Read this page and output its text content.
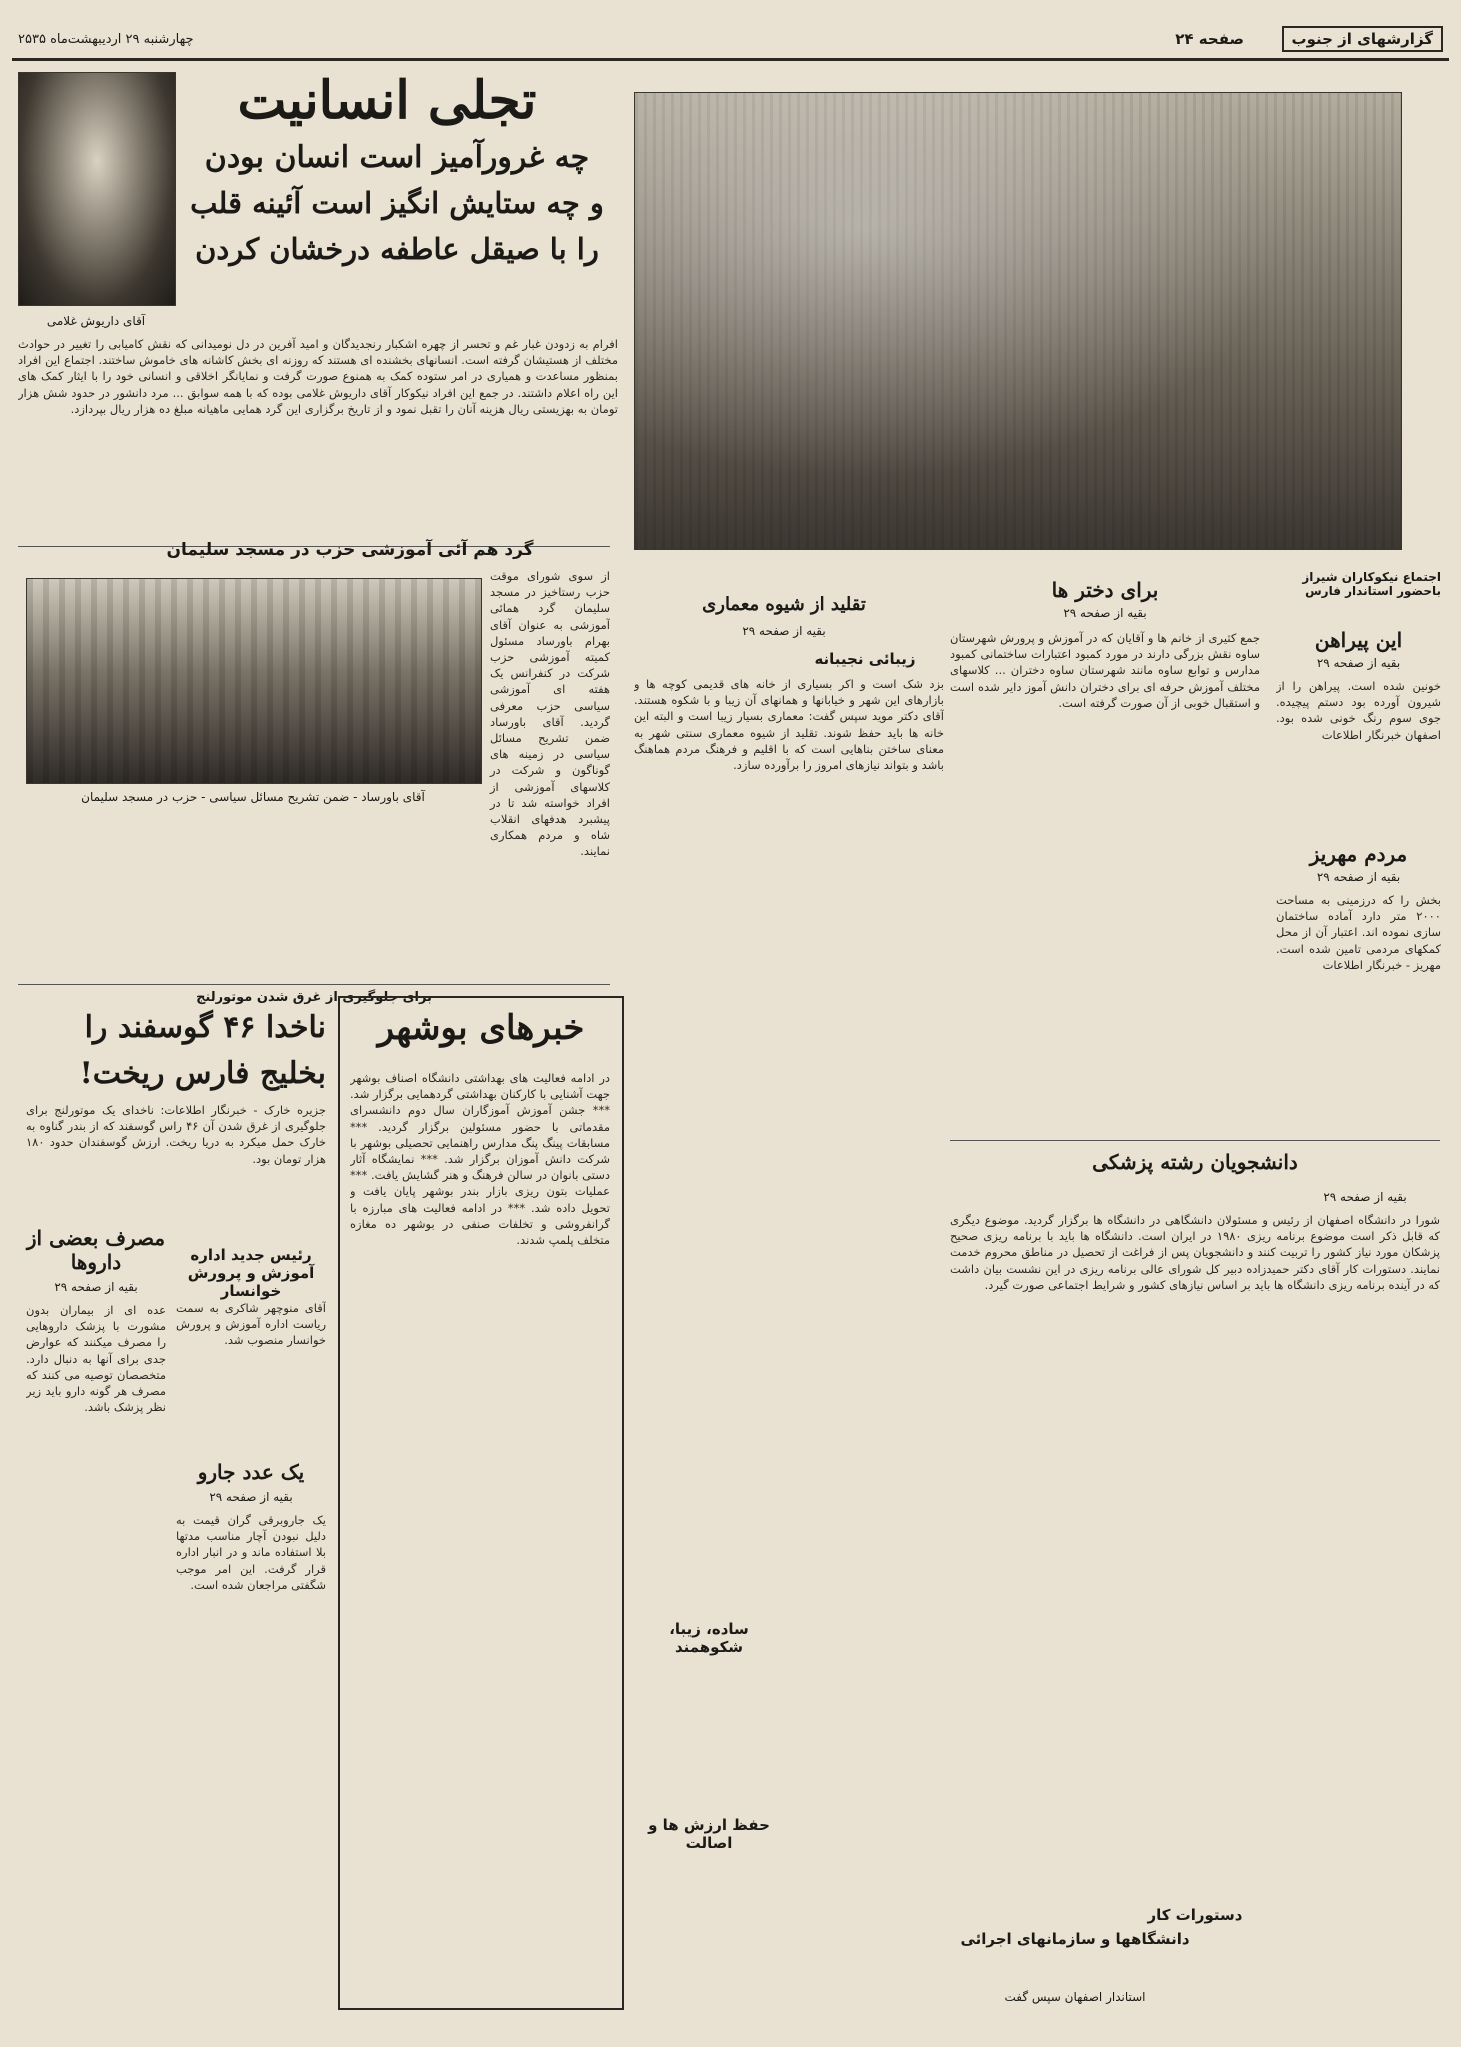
گزارشهای از جنوب
صفحه ۲۴
چهارشنبه ۲۹ اردیبهشت‌ماه ۲۵۳۵
تجلی انسانیت
چه غرورآمیز است انسان بودن
و چه ستایش انگیز است آئینه قلب
را با صیقل عاطفه درخشان کردن
آقای داریوش غلامی
افرام به زدودن غبار غم و تحسر از چهره اشکبار رنجدیدگان و امید آفرین در دل نومیدانی که نقش کامیابی را تغییر در حوادث مختلف از هستیشان گرفته است. انسانهای بخشنده ای هستند که روزنه ای بخش کاشانه های خاموش ساختند. اجتماع این افراد بمنظور مساعدت و همیاری در امر ستوده کمک به همنوع صورت گرفت و نمایانگر اخلاقی و انسانی خود را با ایثار کمک های این راه اعلام داشتند. در جمع این افراد نیکوکار آقای داریوش غلامی بوده که با همه سوابق ... مرد دانشور در حدود شش هزار تومان به بهزیستی ریال هزینه آنان را تقبل نمود و از تاریخ برگزاری این گرد همایی ماهیانه مبلغ ده هزار ریال بپردازد.
گرد هم آئی آموزشی حزب در مسجد سلیمان
آقای باورساد - ضمن تشریح مسائل سیاسی - حزب در مسجد سلیمان
از سوی شورای موقت حزب رستاخیز در مسجد سلیمان گرد همائی آموزشی به عنوان آقای بهرام باورساد مسئول کمیته آموزشی حزب شرکت در کنفرانس یک هفته ای آموزشی سیاسی حزب معرفی گردید. آقای باورساد ضمن تشریح مسائل سیاسی در زمینه های گوناگون و شرکت در کلاسهای آموزشی از افراد خواسته شد تا در پیشبرد هدفهای انقلاب شاه و مردم همکاری نمایند.
برای جلوگیری از غرق شدن موتورلنج
ناخدا ۴۶ گوسفند را
بخلیج فارس ریخت!
جزیره خارک - خبرنگار اطلاعات: ناخدای یک موتورلنج برای جلوگیری از غرق شدن آن ۴۶ راس گوسفند که از بندر گناوه به خارک حمل میکرد به دریا ریخت. ارزش گوسفندان حدود ۱۸۰ هزار تومان بود.
خبرهای بوشهر
در ادامه فعالیت های بهداشتی دانشگاه اصناف بوشهر جهت آشنایی با کارکنان بهداشتی گردهمایی برگزار شد. *** جشن آموزش آموزگاران سال دوم دانشسرای مقدماتی با حضور مسئولین برگزار گردید. *** مسابقات پینگ پنگ مدارس راهنمایی تحصیلی بوشهر با شرکت دانش آموزان برگزار شد. *** نمایشگاه آثار دستی بانوان در سالن فرهنگ و هنر گشایش یافت. *** عملیات بتون ریزی بازار بندر بوشهر پایان یافت و تحویل داده شد. *** در ادامه فعالیت های مبارزه با گرانفروشی و تخلفات صنفی در بوشهر ده مغازه متخلف پلمپ شدند.
مصرف بعضی از داروها
بقیه از صفحه ۲۹
عده ای از بیماران بدون مشورت با پزشک داروهایی را مصرف میکنند که عوارض جدی برای آنها به دنبال دارد. متخصصان توصیه می کنند که مصرف هر گونه دارو باید زیر نظر پزشک باشد.
رئیس جدید اداره آموزش و پرورش خوانسار
آقای منوچهر شاکری به سمت ریاست اداره آموزش و پرورش خوانسار منصوب شد.
یک عدد جارو
بقیه از صفحه ۲۹
یک جاروبرقی گران قیمت به دلیل نبودن آچار مناسب مدتها بلا استفاده ماند و در انبار اداره قرار گرفت. این امر موجب شگفتی مراجعان شده است.
تقلید از شیوه معماری
بقیه از صفحه ۲۹
زیبائی نجیبانه
بزد شک است و اکر بسیاری از خانه های قدیمی کوچه ها و بازارهای این شهر و خیابانها و همانهای آن زیبا و با شکوه هستند. آقای دکتر موید سپس گفت: معماری بسیار زیبا است و البته این خانه ها باید حفظ شوند. تقلید از شیوه معماری سنتی شهر به معنای ساختن بناهایی است که با اقلیم و فرهنگ مردم هماهنگ باشد و بتواند نیازهای امروز را برآورده سازد.
ساده، زیبا، شکوهمند
حفظ ارزش ها و اصالت
برای دختر ها
بقیه از صفحه ۲۹
جمع کثیری از خانم ها و آقایان که در آموزش و پرورش شهرستان ساوه نقش بزرگی دارند در مورد کمبود اعتبارات ساختمانی کمبود مدارس و توابع ساوه مانند شهرستان ساوه دختران ... کلاسهای مختلف آموزش حرفه ای برای دختران دانش آموز دایر شده است و استقبال خوبی از آن صورت گرفته است.
اجتماع نیکوکاران شیراز باحضور استاندار فارس
این پیراهن
بقیه از صفحه ۲۹
خونین شده است. پیراهن را از شیرون آورده بود دستم پیچیده. جوی سوم رنگ خونی شده بود. اصفهان خبرنگار اطلاعات
مردم مهریز
بقیه از صفحه ۲۹
بخش را که درزمینی به مساحت ۲۰۰۰ متر دارد آماده ساختمان سازی نموده اند. اعتبار آن از محل کمکهای مردمی تامین شده است. مهریز - خبرنگار اطلاعات
دانشجویان رشته پزشکی
بقیه از صفحه ۲۹
شورا در دانشگاه اصفهان از رئیس و مسئولان دانشگاهی در دانشگاه ها برگزار گردید. موضوع دیگری که قابل ذکر است موضوع برنامه ریزی ۱۹۸۰ در ایران است. دانشگاه ها باید با برنامه ریزی صحیح پزشکان مورد نیاز کشور را تربیت کنند و دانشجویان پس از فراغت از تحصیل در مناطق محروم خدمت نمایند. دستورات کار آقای دکتر حمیدزاده دبیر کل شورای عالی برنامه ریزی در این نشست بیان داشت که در آینده برنامه ریزی دانشگاه ها باید بر اساس نیازهای کشور و شرایط اجتماعی صورت گیرد.
دستورات کار
دانشگاهها و سازمانهای اجرائی
استاندار اصفهان سپس گفت
